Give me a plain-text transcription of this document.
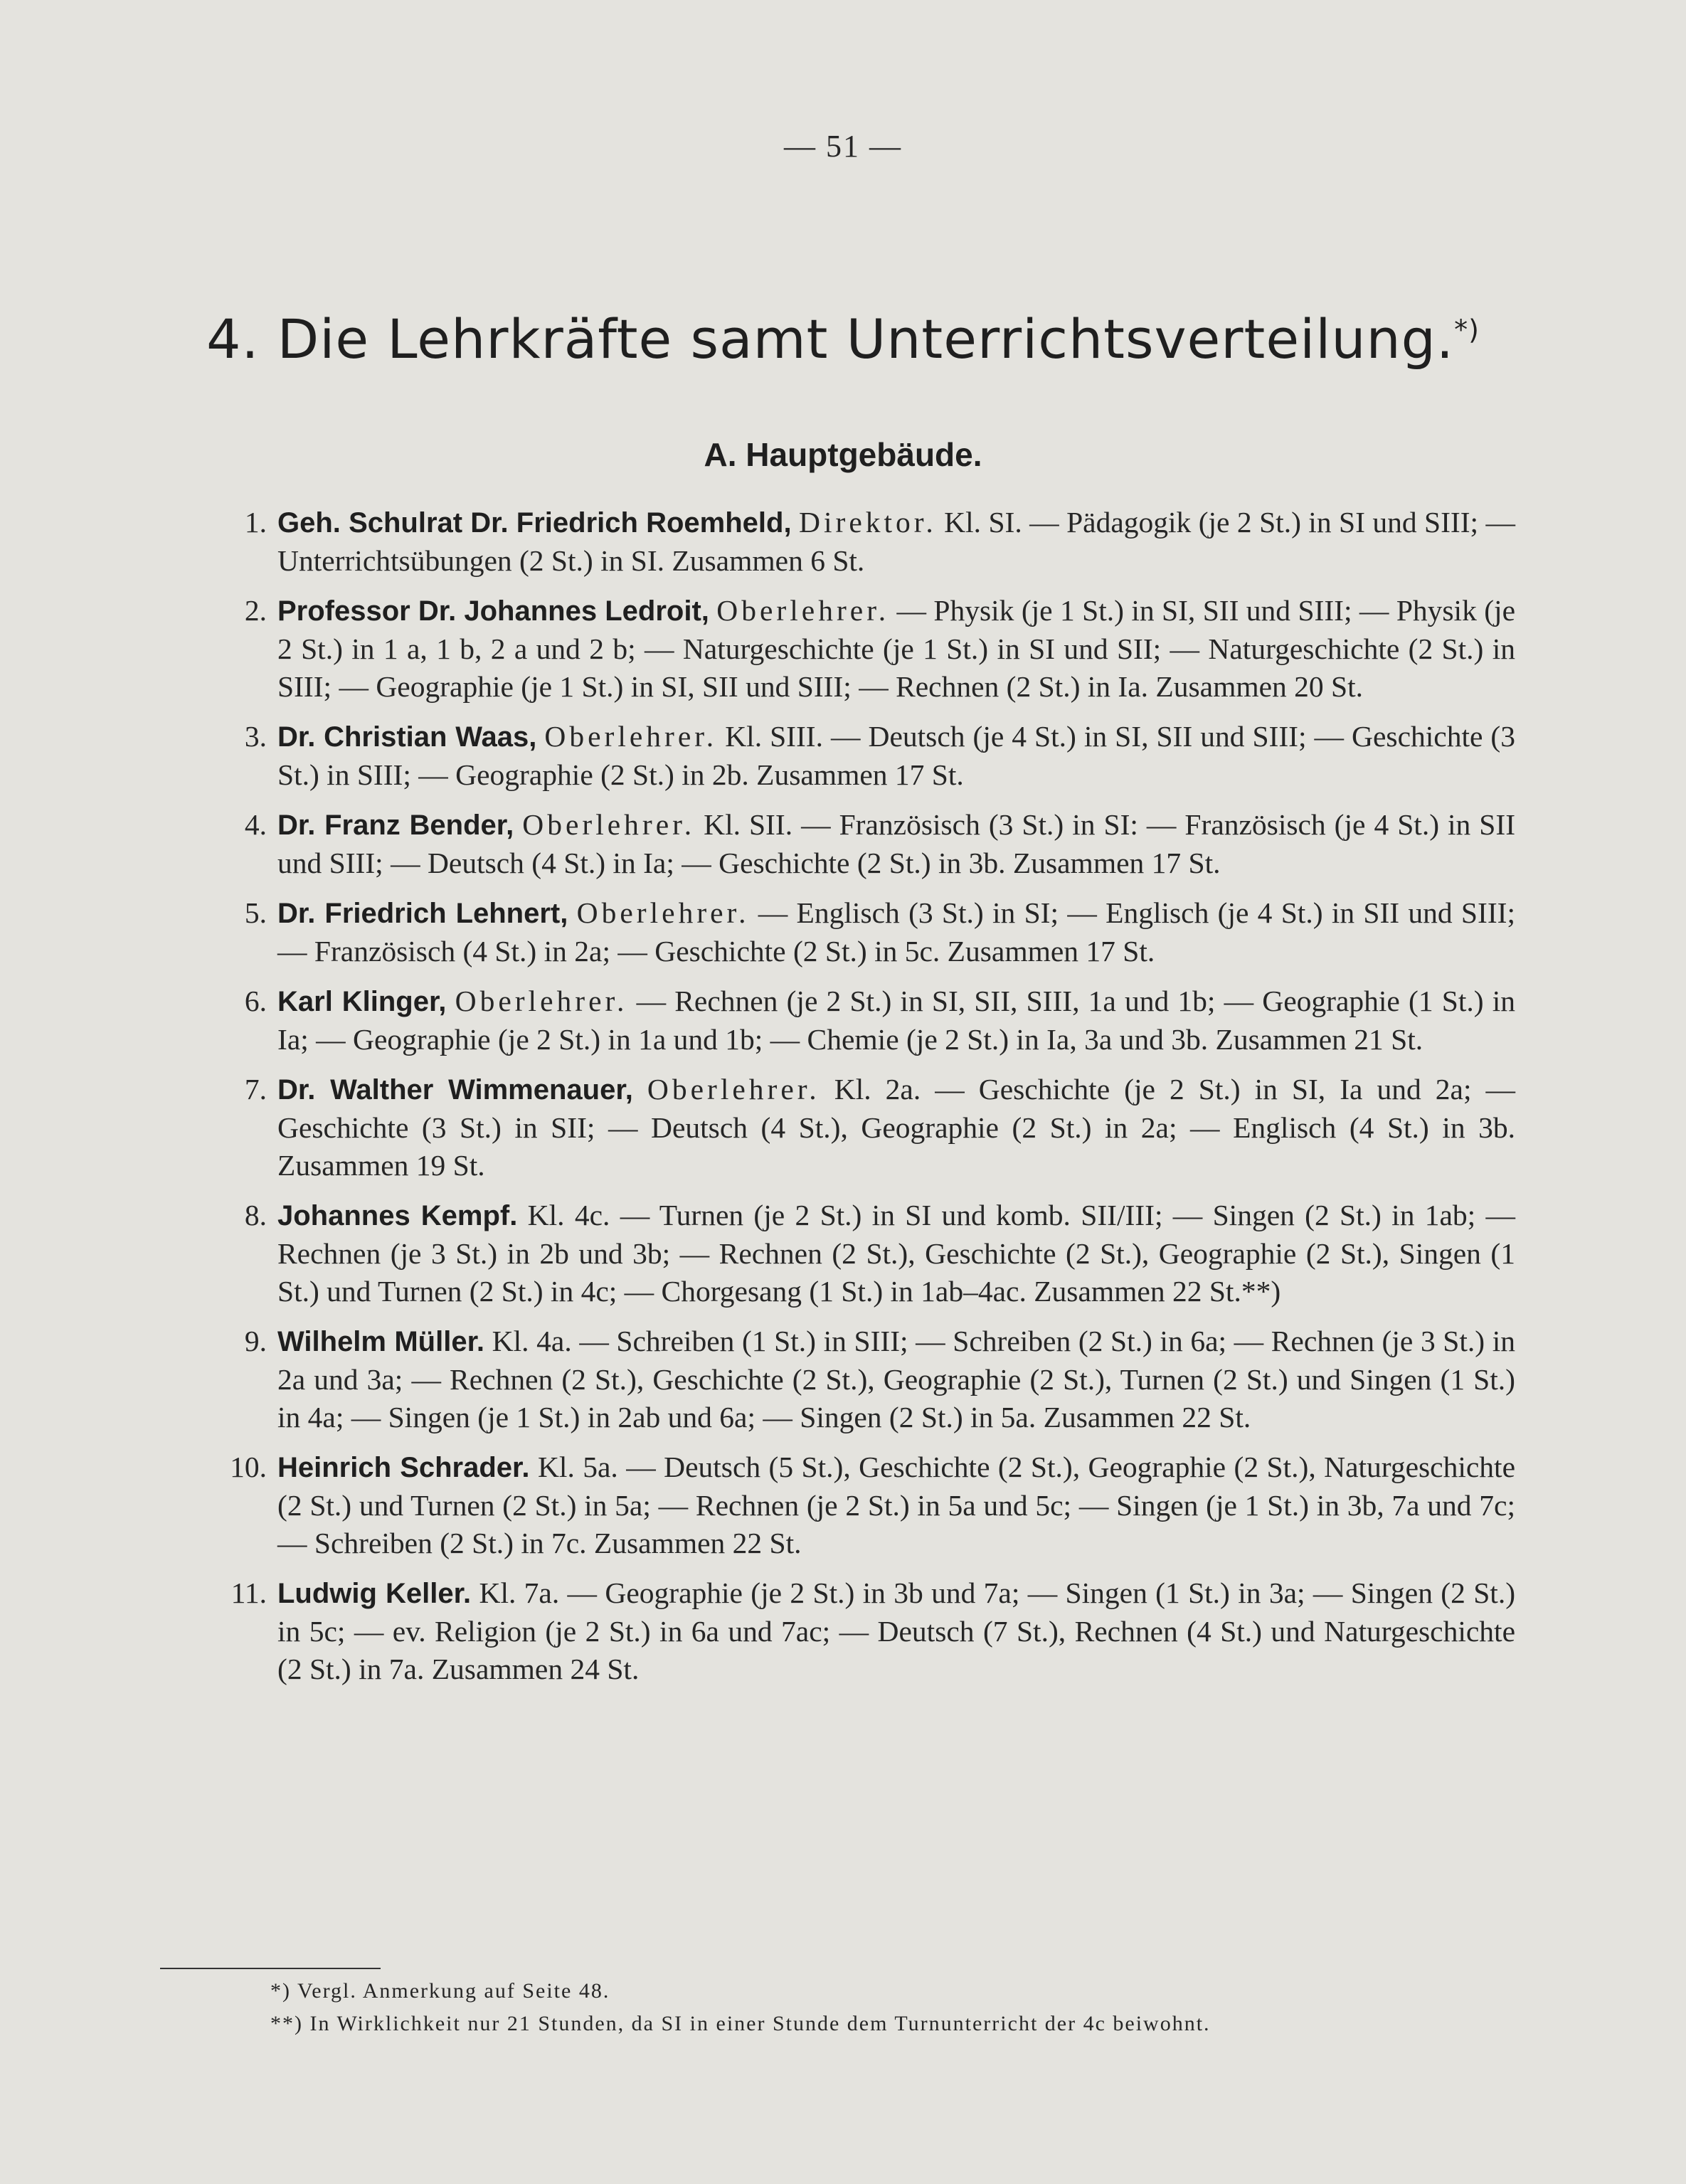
— 51 —
4. Die Lehrkräfte samt Unterrichtsverteilung.*)
A. Hauptgebäude.
1. Geh. Schulrat Dr. Friedrich Roemheld, Direktor. Kl. SI. — Pädagogik (je 2 St.) in SI und SIII; — Unterrichtsübungen (2 St.) in SI. Zusammen 6 St.
2. Professor Dr. Johannes Ledroit, Oberlehrer. — Physik (je 1 St.) in SI, SII und SIII; — Physik (je 2 St.) in 1 a, 1 b, 2 a und 2 b; — Naturgeschichte (je 1 St.) in SI und SII; — Naturgeschichte (2 St.) in SIII; — Geographie (je 1 St.) in SI, SII und SIII; — Rechnen (2 St.) in Ia. Zusammen 20 St.
3. Dr. Christian Waas, Oberlehrer. Kl. SIII. — Deutsch (je 4 St.) in SI, SII und SIII; — Geschichte (3 St.) in SIII; — Geographie (2 St.) in 2b. Zusammen 17 St.
4. Dr. Franz Bender, Oberlehrer. Kl. SII. — Französisch (3 St.) in SI: — Französisch (je 4 St.) in SII und SIII; — Deutsch (4 St.) in Ia; — Geschichte (2 St.) in 3b. Zusammen 17 St.
5. Dr. Friedrich Lehnert, Oberlehrer. — Englisch (3 St.) in SI; — Englisch (je 4 St.) in SII und SIII; — Französisch (4 St.) in 2a; — Geschichte (2 St.) in 5c. Zusammen 17 St.
6. Karl Klinger, Oberlehrer. — Rechnen (je 2 St.) in SI, SII, SIII, 1a und 1b; — Geographie (1 St.) in Ia; — Geographie (je 2 St.) in 1a und 1b; — Chemie (je 2 St.) in Ia, 3a und 3b. Zusammen 21 St.
7. Dr. Walther Wimmenauer, Oberlehrer. Kl. 2a. — Geschichte (je 2 St.) in SI, Ia und 2a; — Geschichte (3 St.) in SII; — Deutsch (4 St.), Geographie (2 St.) in 2a; — Englisch (4 St.) in 3b. Zusammen 19 St.
8. Johannes Kempf. Kl. 4c. — Turnen (je 2 St.) in SI und komb. SII/III; — Singen (2 St.) in 1ab; — Rechnen (je 3 St.) in 2b und 3b; — Rechnen (2 St.), Geschichte (2 St.), Geographie (2 St.), Singen (1 St.) und Turnen (2 St.) in 4c; — Chorgesang (1 St.) in 1ab–4ac. Zusammen 22 St.**)
9. Wilhelm Müller. Kl. 4a. — Schreiben (1 St.) in SIII; — Schreiben (2 St.) in 6a; — Rechnen (je 3 St.) in 2a und 3a; — Rechnen (2 St.), Geschichte (2 St.), Geographie (2 St.), Turnen (2 St.) und Singen (1 St.) in 4a; — Singen (je 1 St.) in 2ab und 6a; — Singen (2 St.) in 5a. Zusammen 22 St.
10. Heinrich Schrader. Kl. 5a. — Deutsch (5 St.), Geschichte (2 St.), Geographie (2 St.), Naturgeschichte (2 St.) und Turnen (2 St.) in 5a; — Rechnen (je 2 St.) in 5a und 5c; — Singen (je 1 St.) in 3b, 7a und 7c; — Schreiben (2 St.) in 7c. Zusammen 22 St.
11. Ludwig Keller. Kl. 7a. — Geographie (je 2 St.) in 3b und 7a; — Singen (1 St.) in 3a; — Singen (2 St.) in 5c; — ev. Religion (je 2 St.) in 6a und 7ac; — Deutsch (7 St.), Rechnen (4 St.) und Naturgeschichte (2 St.) in 7a. Zusammen 24 St.
*) Vergl. Anmerkung auf Seite 48.
**) In Wirklichkeit nur 21 Stunden, da SI in einer Stunde dem Turnunterricht der 4c beiwohnt.
